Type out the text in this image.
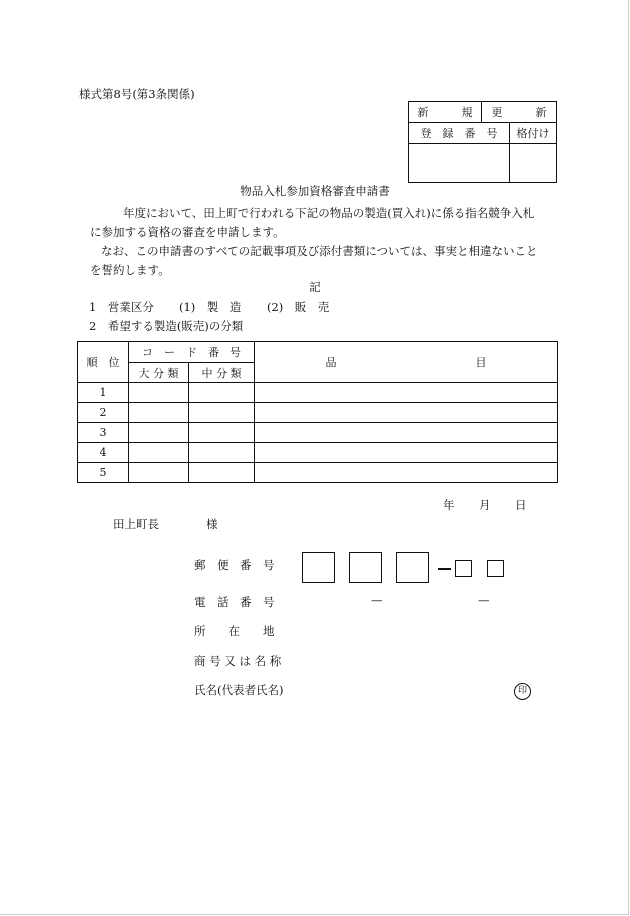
様式第8号(第3条関係)
新　　　規	更　　　新	
登　録　番　号		格付け

物品入札参加資格審査申請書
年度において、田上町で行われる下記の物品の製造(買入れ)に係る指名競争入札
に参加する資格の審査を申請します。
なお、この申請書のすべての記載事項及び添付書類については、事実と相違ないこと
を誓約します。
記
1　営業区分 (1)　製　造 (2)　販　売
2　希望する製造(販売)の分類
順　位	コ　ー　ド　番　号		品 目
	大 分 類	中 分 類	
1			
2			
3			
4			
5			
年 月 日
田上町長	様
郵　便　番　号
電　話　番　号	—	—
所　　在　　地
商 号 又 は 名 称
氏名(代表者氏名)	印
